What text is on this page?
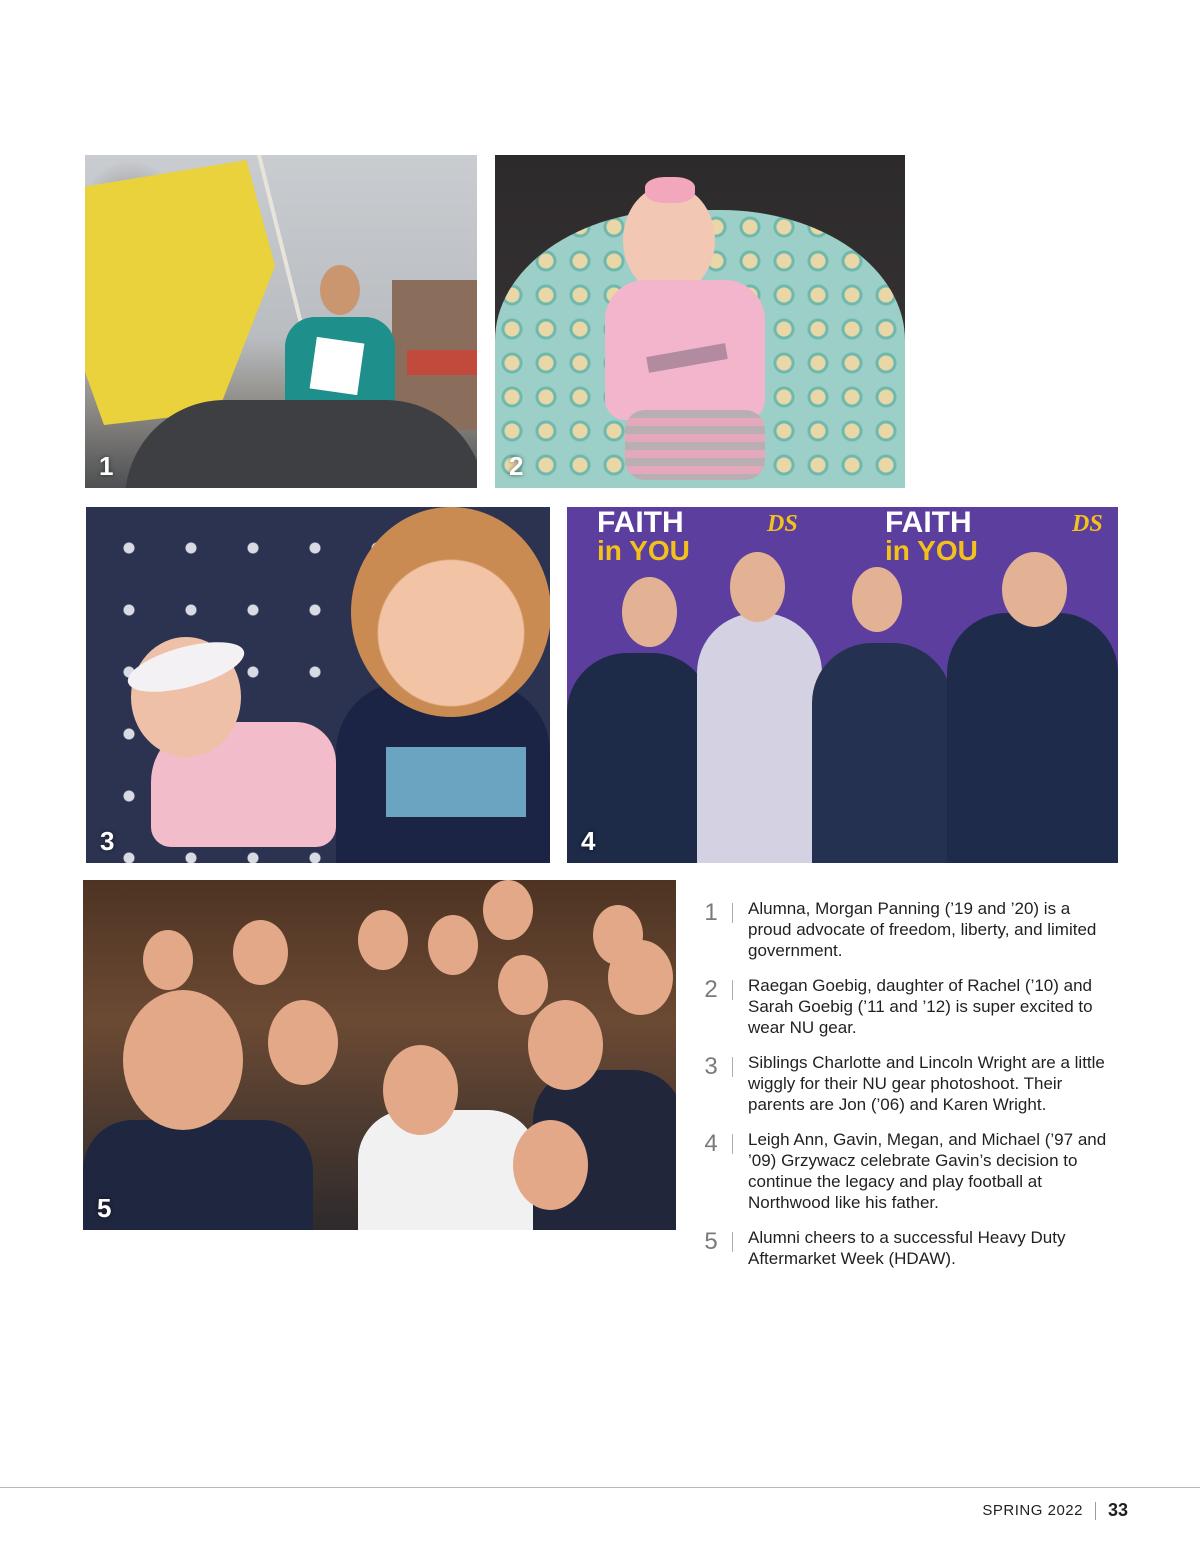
1	2
3
FAITH
in YOU
FAITH
in YOU
DS	DS
4
5
1 Alumna, Morgan Panning (’19 and ’20) is a proud advocate of freedom, liberty, and limited government.
2 Raegan Goebig, daughter of Rachel (’10) and Sarah Goebig (’11 and ’12) is super excited to wear NU gear.
3 Siblings Charlotte and Lincoln Wright are a little wiggly for their NU gear photoshoot. Their parents are Jon (’06) and Karen Wright.
4 Leigh Ann, Gavin, Megan, and Michael (’97 and ’09) Grzywacz celebrate Gavin’s decision to continue the legacy and play football at Northwood like his father.
5 Alumni cheers to a successful Heavy Duty Aftermarket Week (HDAW).
SPRING 2022 33
